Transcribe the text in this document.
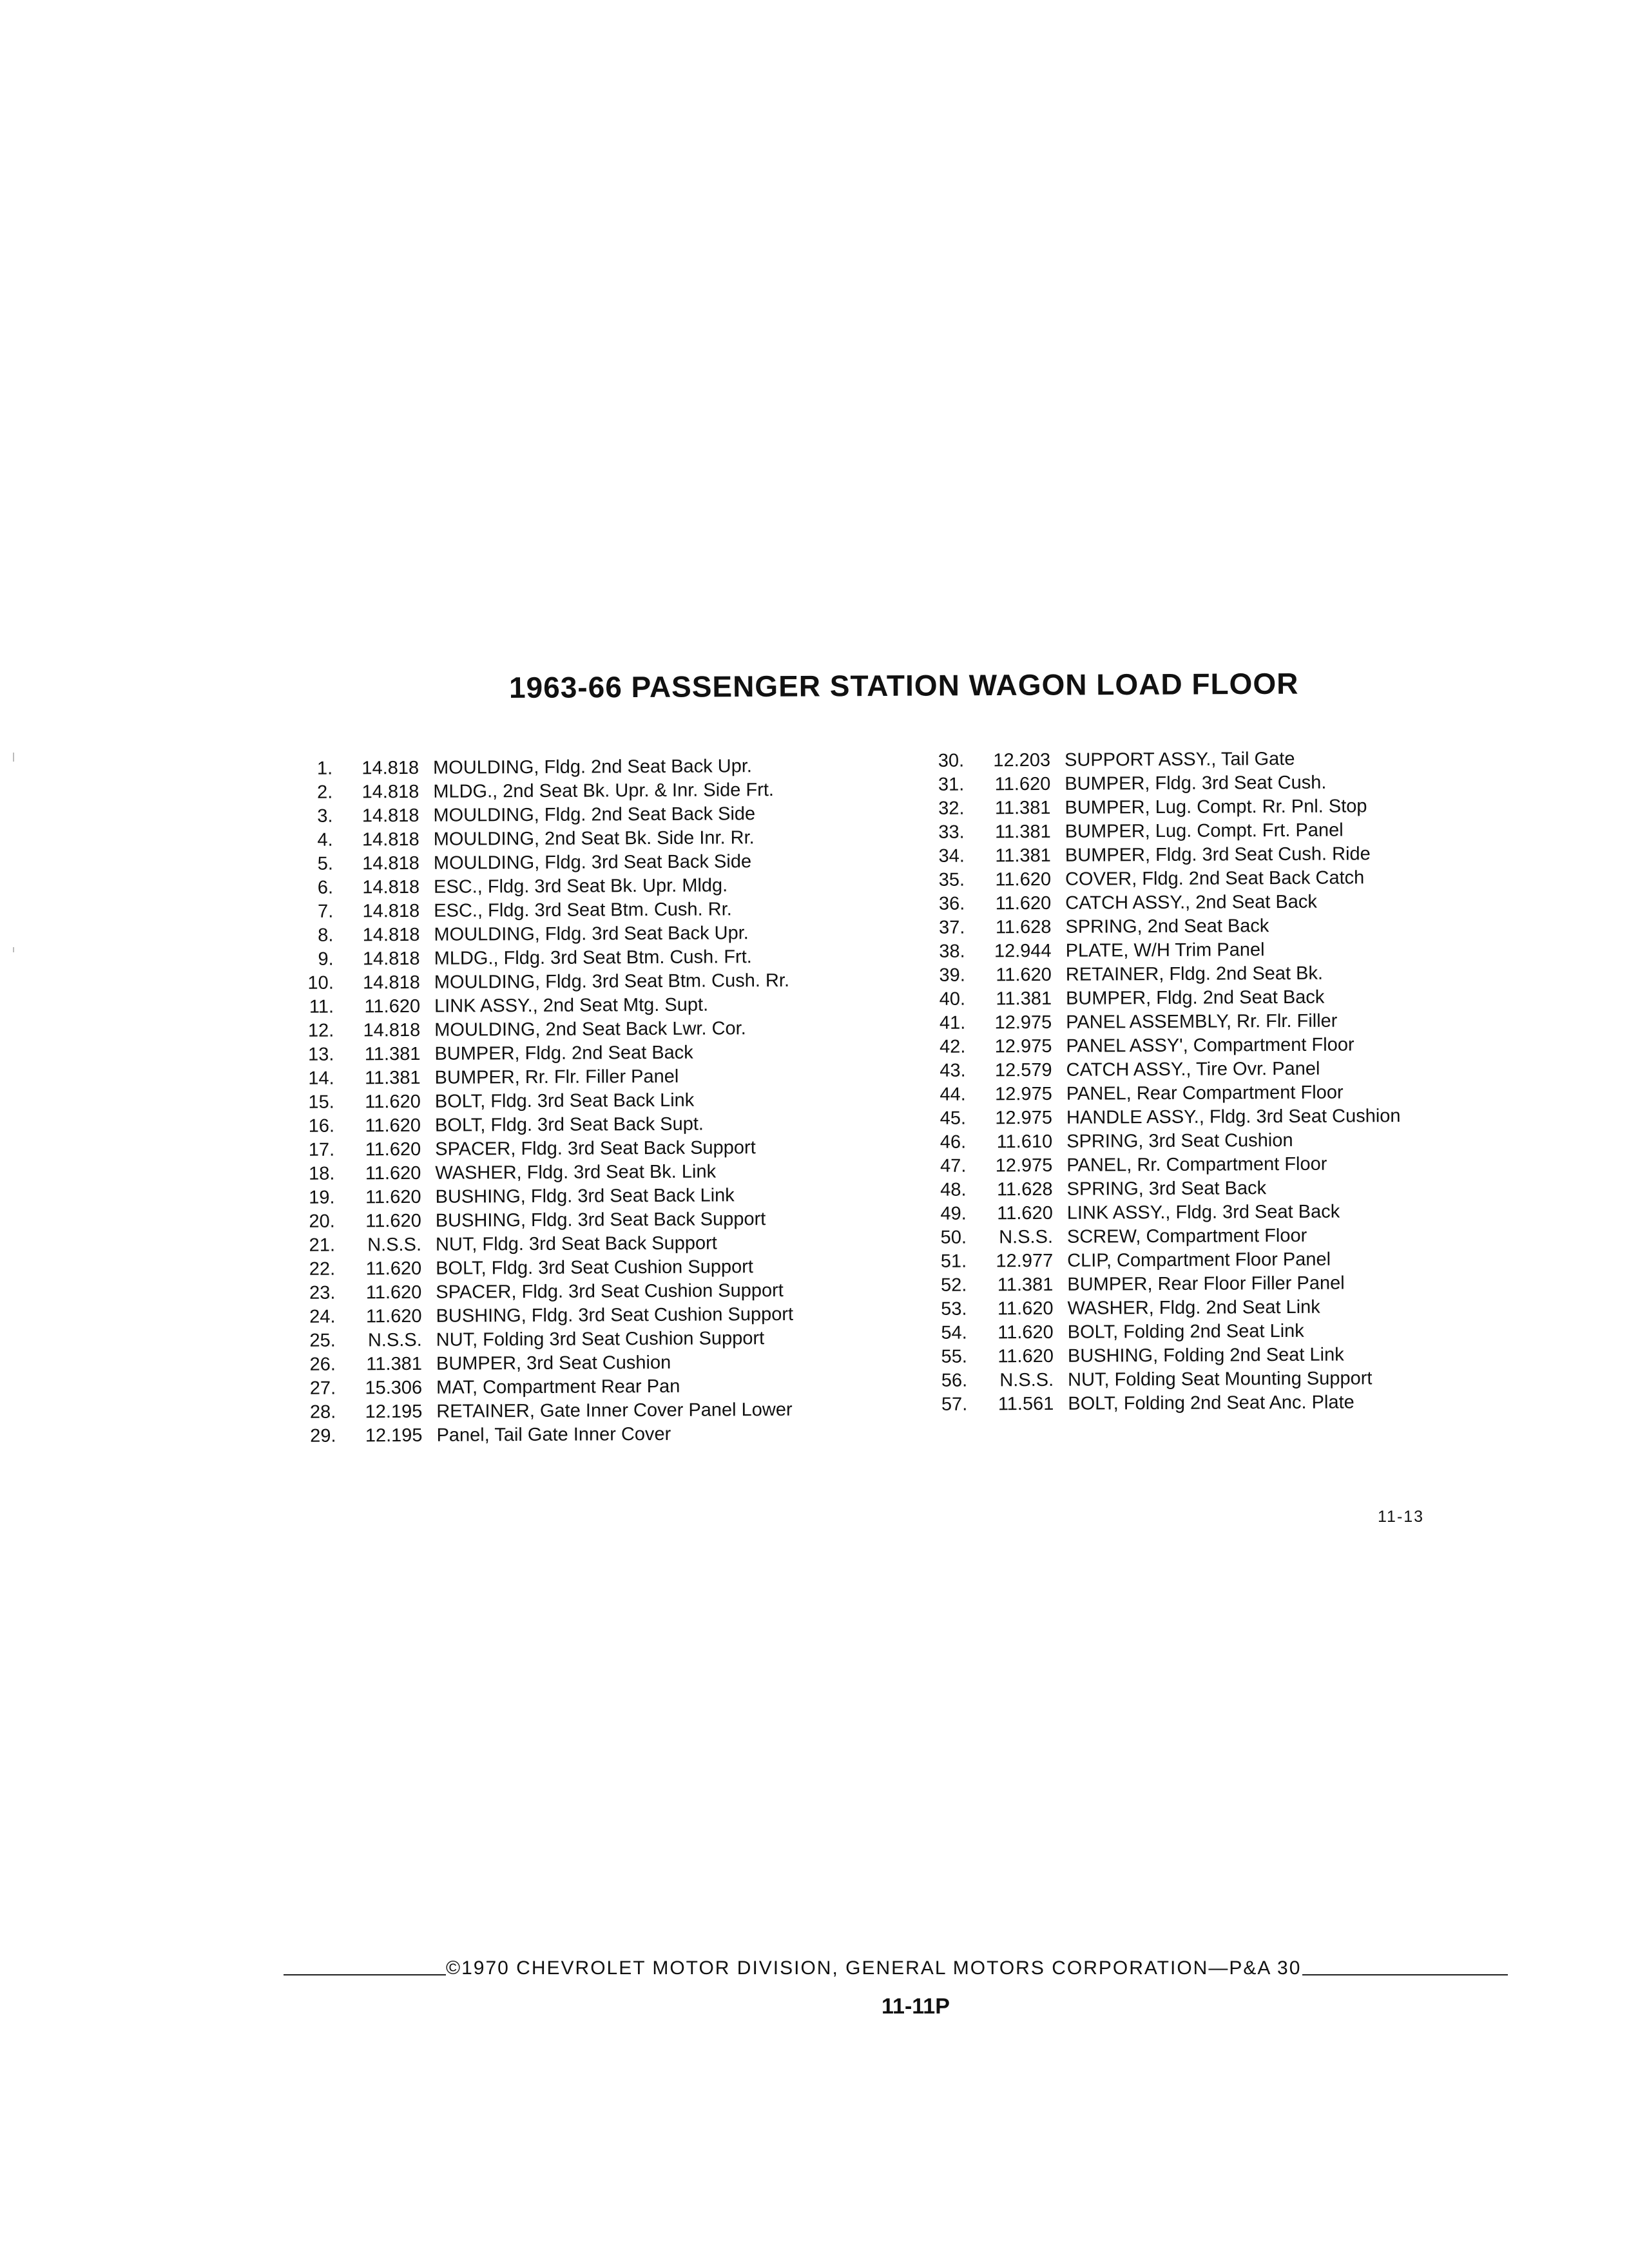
1963-66 PASSENGER STATION WAGON LOAD FLOOR
1.	14.818 MOULDING, Fldg. 2nd Seat Back Upr.
2.	14.818 MLDG., 2nd Seat Bk. Upr. & Inr. Side Frt.
3.	14.818 MOULDING, Fldg. 2nd Seat Back Side
4.	14.818 MOULDING, 2nd Seat Bk. Side Inr. Rr.
5.	14.818 MOULDING, Fldg. 3rd Seat Back Side
6.	14.818 ESC., Fldg. 3rd Seat Bk. Upr. Mldg.
7.	14.818 ESC., Fldg. 3rd Seat Btm. Cush. Rr.
8.	14.818 MOULDING, Fldg. 3rd Seat Back Upr.
9.	14.818 MLDG., Fldg. 3rd Seat Btm. Cush. Frt.
10.	14.818 MOULDING, Fldg. 3rd Seat Btm. Cush. Rr.
11.	11.620 LINK ASSY., 2nd Seat Mtg. Supt.
12.	14.818 MOULDING, 2nd Seat Back Lwr. Cor.
13.	11.381 BUMPER, Fldg. 2nd Seat Back
14.	11.381 BUMPER, Rr. Flr. Filler Panel
15.	11.620 BOLT, Fldg. 3rd Seat Back Link
16.	11.620 BOLT, Fldg. 3rd Seat Back Supt.
17.	11.620 SPACER, Fldg. 3rd Seat Back Support
18.	11.620 WASHER, Fldg. 3rd Seat Bk. Link
19.	11.620 BUSHING, Fldg. 3rd Seat Back Link
20.	11.620 BUSHING, Fldg. 3rd Seat Back Support
21.	N.S.S. NUT, Fldg. 3rd Seat Back Support
22.	11.620 BOLT, Fldg. 3rd Seat Cushion Support
23.	11.620 SPACER, Fldg. 3rd Seat Cushion Support
24.	11.620 BUSHING, Fldg. 3rd Seat Cushion Support
25.	N.S.S. NUT, Folding 3rd Seat Cushion Support
26.	11.381 BUMPER, 3rd Seat Cushion
27.	15.306 MAT, Compartment Rear Pan
28.	12.195 RETAINER, Gate Inner Cover Panel Lower
29.	12.195 Panel, Tail Gate Inner Cover
30.	12.203 SUPPORT ASSY., Tail Gate
31.	11.620 BUMPER, Fldg. 3rd Seat Cush.
32.	11.381 BUMPER, Lug. Compt. Rr. Pnl. Stop
33.	11.381 BUMPER, Lug. Compt. Frt. Panel
34.	11.381 BUMPER, Fldg. 3rd Seat Cush. Ride
35.	11.620 COVER, Fldg. 2nd Seat Back Catch
36.	11.620 CATCH ASSY., 2nd Seat Back
37.	11.628 SPRING, 2nd Seat Back
38.	12.944 PLATE, W/H Trim Panel
39.	11.620 RETAINER, Fldg. 2nd Seat Bk.
40.	11.381 BUMPER, Fldg. 2nd Seat Back
41.	12.975 PANEL ASSEMBLY, Rr. Flr. Filler
42.	12.975 PANEL ASSY', Compartment Floor
43.	12.579 CATCH ASSY., Tire Ovr. Panel
44.	12.975 PANEL, Rear Compartment Floor
45.	12.975 HANDLE ASSY., Fldg. 3rd Seat Cushion
46.	11.610 SPRING, 3rd Seat Cushion
47.	12.975 PANEL, Rr. Compartment Floor
48.	11.628 SPRING, 3rd Seat Back
49.	11.620 LINK ASSY., Fldg. 3rd Seat Back
50.	N.S.S. SCREW, Compartment Floor
51.	12.977 CLIP, Compartment Floor Panel
52.	11.381 BUMPER, Rear Floor Filler Panel
53.	11.620 WASHER, Fldg. 2nd Seat Link
54.	11.620 BOLT, Folding 2nd Seat Link
55.	11.620 BUSHING, Folding 2nd Seat Link
56.	N.S.S. NUT, Folding Seat Mounting Support
57.	11.561 BOLT, Folding 2nd Seat Anc. Plate
11-13
©1970 CHEVROLET MOTOR DIVISION, GENERAL MOTORS CORPORATION—P&A 30
11-11P
